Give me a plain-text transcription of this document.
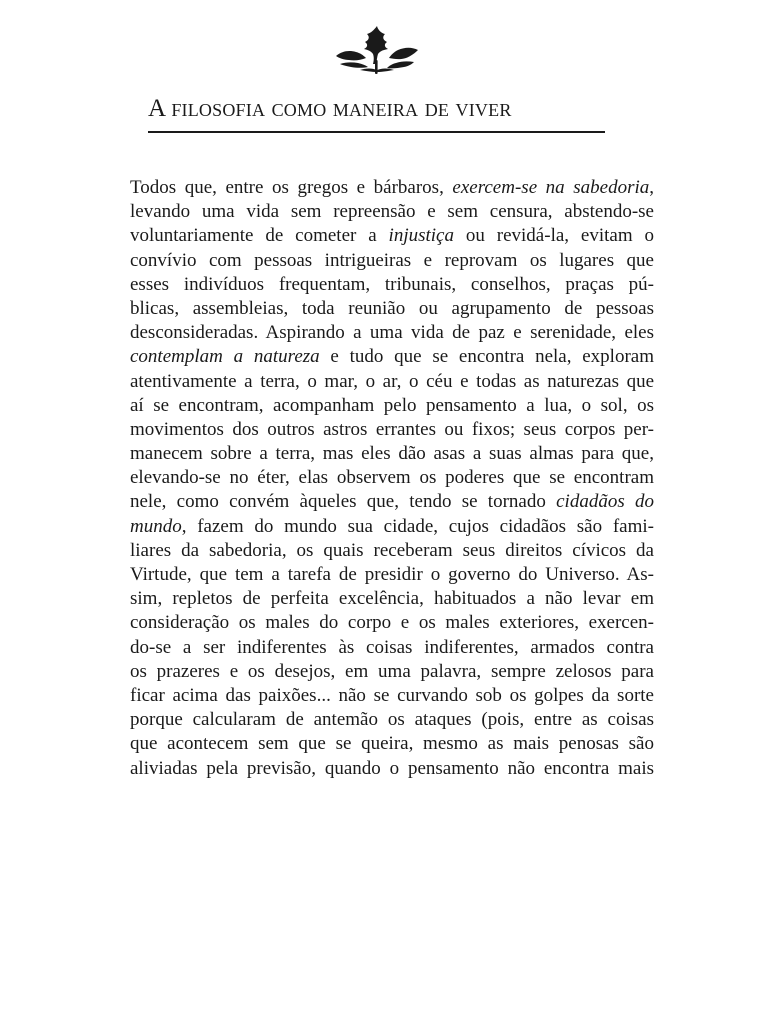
A filosofia como maneira de viver
Todos que, entre os gregos e bárbaros, exercem-se na sabedoria,
levando uma vida sem repreensão e sem censura, abstendo-se
voluntariamente de cometer a injustiça ou revidá-la, evitam o
convívio com pessoas intrigueiras e reprovam os lugares que
esses indivíduos frequentam, tribunais, conselhos, praças pú-
blicas, assembleias, toda reunião ou agrupamento de pessoas
desconsideradas. Aspirando a uma vida de paz e serenidade, eles
contemplam a natureza e tudo que se encontra nela, exploram
atentivamente a terra, o mar, o ar, o céu e todas as naturezas que
aí se encontram, acompanham pelo pensamento a lua, o sol, os
movimentos dos outros astros errantes ou fixos; seus corpos per-
manecem sobre a terra, mas eles dão asas a suas almas para que,
elevando-se no éter, elas observem os poderes que se encontram
nele, como convém àqueles que, tendo se tornado cidadãos do
mundo, fazem do mundo sua cidade, cujos cidadãos são fami-
liares da sabedoria, os quais receberam seus direitos cívicos da
Virtude, que tem a tarefa de presidir o governo do Universo. As-
sim, repletos de perfeita excelência, habituados a não levar em
consideração os males do corpo e os males exteriores, exercen-
do-se a ser indiferentes às coisas indiferentes, armados contra
os prazeres e os desejos, em uma palavra, sempre zelosos para
ficar acima das paixões... não se curvando sob os golpes da sorte
porque calcularam de antemão os ataques (pois, entre as coisas
que acontecem sem que se queira, mesmo as mais penosas são
aliviadas pela previsão, quando o pensamento não encontra mais
